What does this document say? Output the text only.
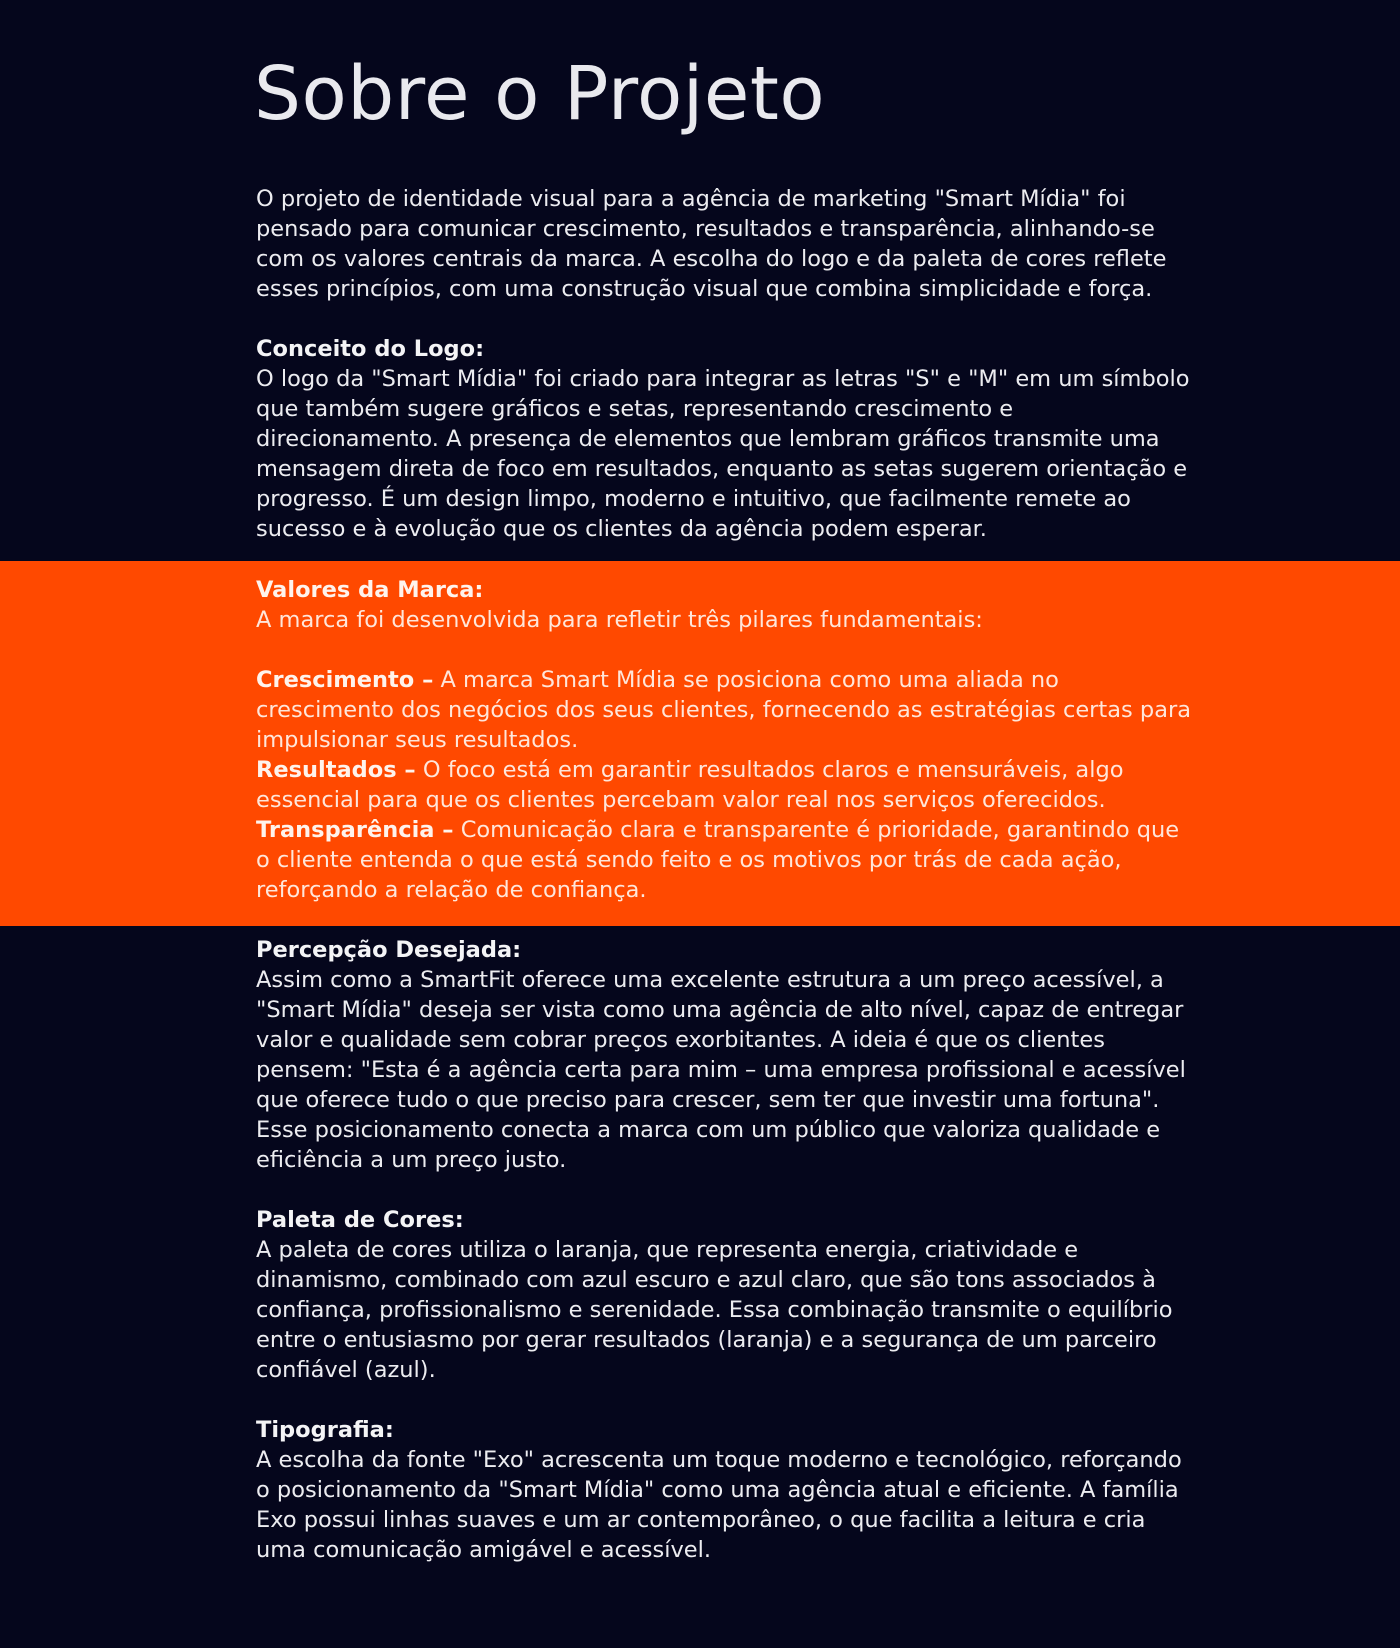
Sobre o Projeto

O projeto de identidade visual para a agência de marketing "Smart Mídia" foi pensado para comunicar crescimento, resultados e transparência, alinhando-se com os valores centrais da marca. A escolha do logo e da paleta de cores reflete esses princípios, com uma construção visual que combina simplicidade e força.

Conceito do Logo:

O logo da "Smart Mídia" foi criado para integrar as letras "S" e "M" em um símbolo que também sugere gráficos e setas, representando crescimento e direcionamento. A presença de elementos que lembram gráficos transmite uma mensagem direta de foco em resultados, enquanto as setas sugerem orientação e progresso. É um design limpo, moderno e intuitivo, que facilmente remete ao sucesso e à evolução que os clientes da agência podem esperar.

Valores da Marca:

A marca foi desenvolvida para refletir três pilares fundamentais:

Crescimento – A marca Smart Mídia se posiciona como uma aliada no crescimento dos negócios dos seus clientes, fornecendo as estratégias certas para impulsionar seus resultados.

Resultados – O foco está em garantir resultados claros e mensuráveis, algo essencial para que os clientes percebam valor real nos serviços oferecidos.

Transparência – Comunicação clara e transparente é prioridade, garantindo que o cliente entenda o que está sendo feito e os motivos por trás de cada ação, reforçando a relação de confiança.

Percepção Desejada:

Assim como a SmartFit oferece uma excelente estrutura a um preço acessível, a "Smart Mídia" deseja ser vista como uma agência de alto nível, capaz de entregar valor e qualidade sem cobrar preços exorbitantes. A ideia é que os clientes pensem: "Esta é a agência certa para mim – uma empresa profissional e acessível que oferece tudo o que preciso para crescer, sem ter que investir uma fortuna". Esse posicionamento conecta a marca com um público que valoriza qualidade e eficiência a um preço justo.

Paleta de Cores:

A paleta de cores utiliza o laranja, que representa energia, criatividade e dinamismo, combinado com azul escuro e azul claro, que são tons associados à confiança, profissionalismo e serenidade. Essa combinação transmite o equilíbrio entre o entusiasmo por gerar resultados (laranja) e a segurança de um parceiro confiável (azul).

Tipografia:

A escolha da fonte "Exo" acrescenta um toque moderno e tecnológico, reforçando o posicionamento da "Smart Mídia" como uma agência atual e eficiente. A família Exo possui linhas suaves e um ar contemporâneo, o que facilita a leitura e cria uma comunicação amigável e acessível.
